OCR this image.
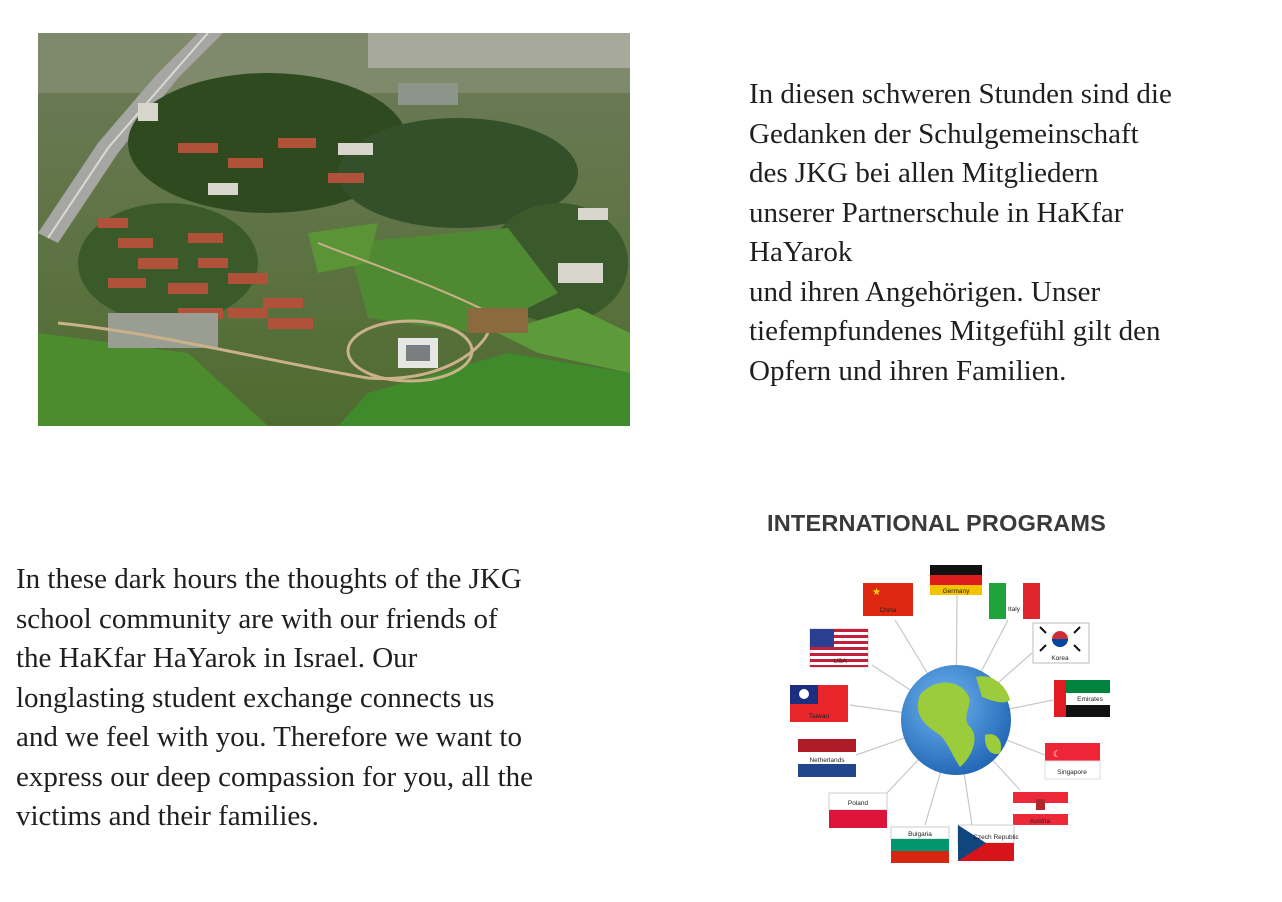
In diesen schweren Stunden sind die
Gedanken der Schulgemeinschaft
des JKG bei allen Mitgliedern
unserer Partnerschule in HaKfar
HaYarok
und ihren Angehörigen. Unser
tiefempfundenes Mitgefühl gilt den
Opfern und ihren Familien.
In these dark hours the thoughts of the JKG
school community are with our friends of
the HaKfar HaYarok in Israel. Our
longlasting student exchange connects us
and we feel with you. Therefore we want to
express our deep compassion for you, all the
victims and their families.
Germany
★
China	Italy
Korea
USA
Emirates
Taiwan
Netherlands
☾
Singapore
Austria
Poland
Bulgaria	Czech Republic
INTERNATIONAL PROGRAMS
